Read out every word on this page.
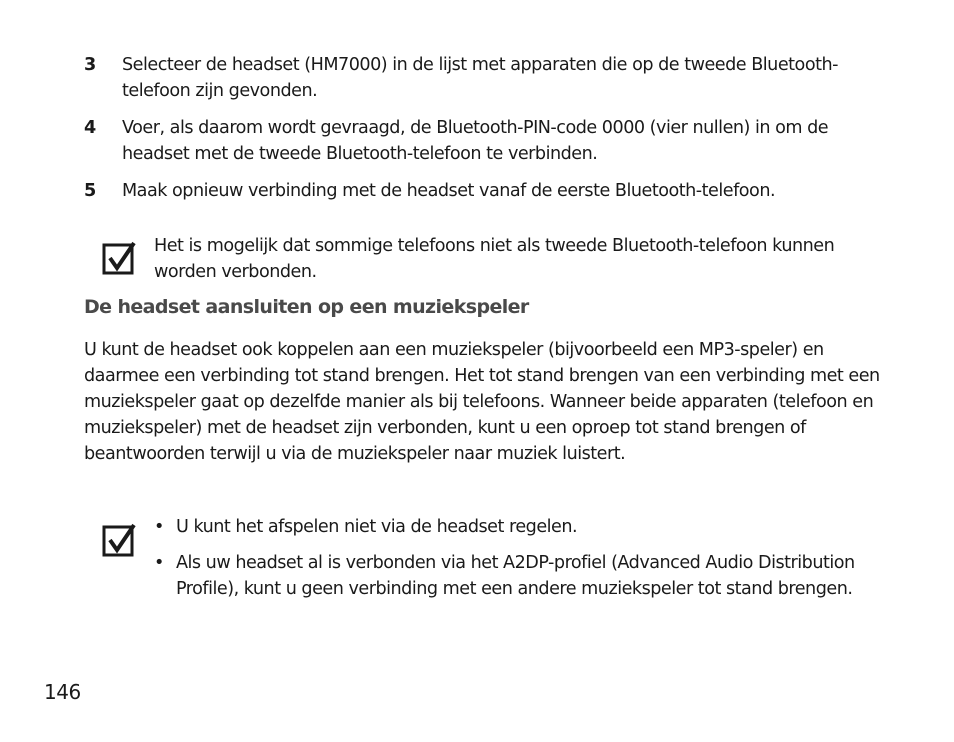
3 Selecteer de headset (HM7000) in de lijst met apparaten die op de tweede Bluetooth-telefoon zijn gevonden.
4 Voer, als daarom wordt gevraagd, de Bluetooth-PIN-code 0000 (vier nullen) in om de headset met de tweede Bluetooth-telefoon te verbinden.
5 Maak opnieuw verbinding met de headset vanaf de eerste Bluetooth-telefoon.
Het is mogelijk dat sommige telefoons niet als tweede Bluetooth-telefoon kunnen worden verbonden.
De headset aansluiten op een muziekspeler
U kunt de headset ook koppelen aan een muziekspeler (bijvoorbeeld een MP3-speler) en daarmee een verbinding tot stand brengen. Het tot stand brengen van een verbinding met een muziekspeler gaat op dezelfde manier als bij telefoons. Wanneer beide apparaten (telefoon en muziekspeler) met de headset zijn verbonden, kunt u een oproep tot stand brengen of beantwoorden terwijl u via de muziekspeler naar muziek luistert.
• U kunt het afspelen niet via de headset regelen.
• Als uw headset al is verbonden via het A2DP-profiel (Advanced Audio Distribution Profile), kunt u geen verbinding met een andere muziekspeler tot stand brengen.
146
